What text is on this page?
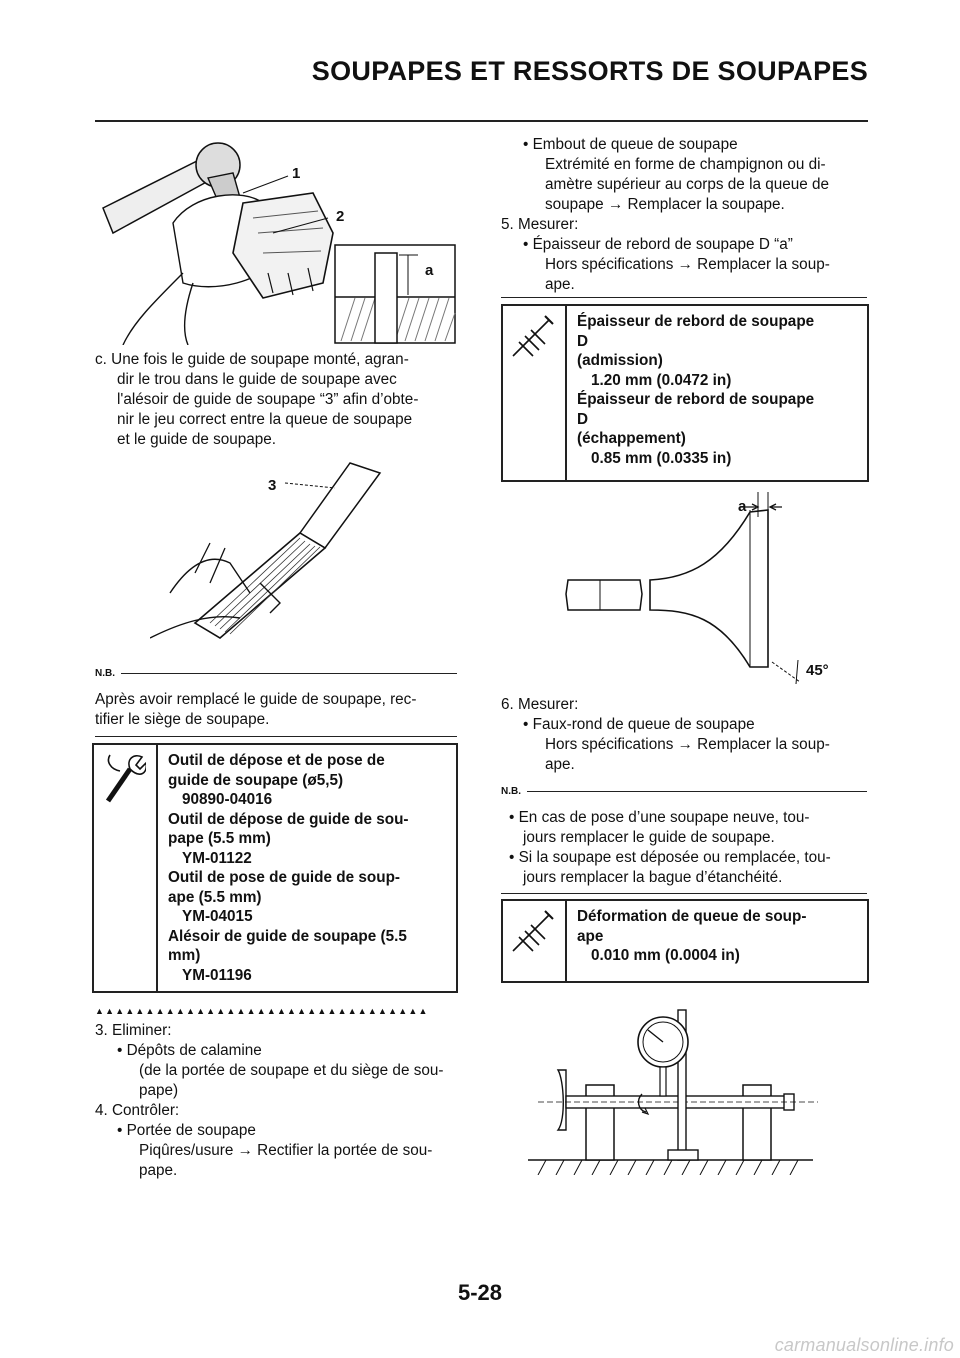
SOUPAPES ET RESSORTS DE SOUPAPES
1
2
a

c. Une fois le guide de soupape monté, agran-

dir le trou dans le guide de soupape avec

l'alésoir de guide de soupape “3” afin d’obte-

nir le jeu correct entre la queue de soupape

et le guide de soupape.

3
N.B.

Après avoir remplacé le guide de soupape, rec-

tifier le siège de soupape.

Outil de dépose et de pose de
guide de soupape (ø5,5)
90890-04016
Outil de dépose de guide de sou-
pape (5.5 mm)
YM-01122
Outil de pose de guide de soup-
ape (5.5 mm)
YM-04015
Alésoir de guide de soupape (5.5
mm)
YM-01196
▲▲▲▲▲▲▲▲▲▲▲▲▲▲▲▲▲▲▲▲▲▲▲▲▲▲▲▲▲▲▲▲▲

3. Eliminer:

• Dépôts de calamine

(de la portée de soupape et du siège de sou-

pape)

4. Contrôler:

• Portée de soupape

Piqûres/usure → Rectifier la portée de sou-

pape.

• Embout de queue de soupape

Extrémité en forme de champignon ou di-

amètre supérieur au corps de la queue de

soupape → Remplacer la soupape.

5. Mesurer:

• Épaisseur de rebord de soupape D “a”

Hors spécifications → Remplacer la soup-

ape.

Épaisseur de rebord de soupape
D
(admission)
1.20 mm (0.0472 in)
Épaisseur de rebord de soupape
D
(échappement)
0.85 mm (0.0335 in)
a
45°

6. Mesurer:

• Faux-rond de queue de soupape

Hors spécifications → Remplacer la soup-

ape.

N.B.

• En cas de pose d’une soupape neuve, tou-

jours remplacer le guide de soupape.

• Si la soupape est déposée ou remplacée, tou-

jours remplacer la bague d’étanchéité.

Déformation de queue de soup-
ape
0.010 mm (0.0004 in)
5-28
carmanualsonline.info
